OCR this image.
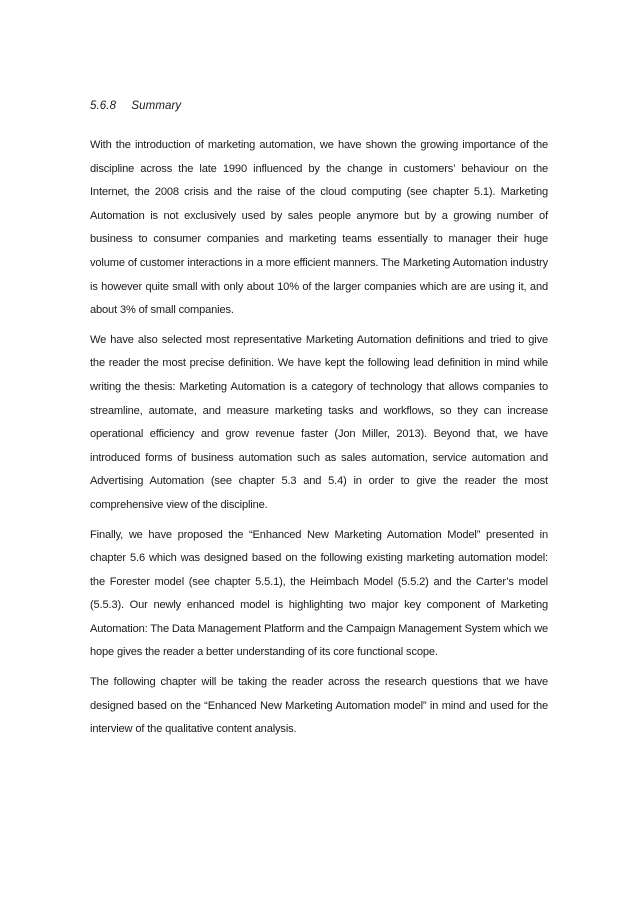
5.6.8 Summary

With the introduction of marketing automation, we have shown the growing importance of the discipline across the late 1990 influenced by the change in customers’ behaviour on the Internet, the 2008 crisis and the raise of the cloud computing (see chapter 5.1). Marketing Automation is not exclusively used by sales people anymore but by a growing number of business to consumer companies and marketing teams essentially to manager their huge volume of customer interactions in a more efficient manners. The Marketing Automation industry is however quite small with only about 10% of the larger companies which are are using it, and about 3% of small companies.

We have also selected most representative Marketing Automation definitions and tried to give the reader the most precise definition. We have kept the following lead definition in mind while writing the thesis: Marketing Automation is a category of technology that allows companies to streamline, automate, and measure marketing tasks and workflows, so they can increase operational efficiency and grow revenue faster (Jon Miller, 2013). Beyond that, we have introduced forms of business automation such as sales automation, service automation and Advertising Automation (see chapter 5.3 and 5.4) in order to give the reader the most comprehensive view of the discipline.

Finally, we have proposed the “Enhanced New Marketing Automation Model” presented in chapter 5.6 which was designed based on the following existing marketing automation model: the Forester model (see chapter 5.5.1), the Heimbach Model (5.5.2) and the Carter’s model (5.5.3). Our newly enhanced model is highlighting two major key component of Marketing Automation: The Data Management Platform and the Campaign Management System which we hope gives the reader a better understanding of its core functional scope.

The following chapter will be taking the reader across the research questions that we have designed based on the “Enhanced New Marketing Automation model” in mind and used for the interview of the qualitative content analysis.
